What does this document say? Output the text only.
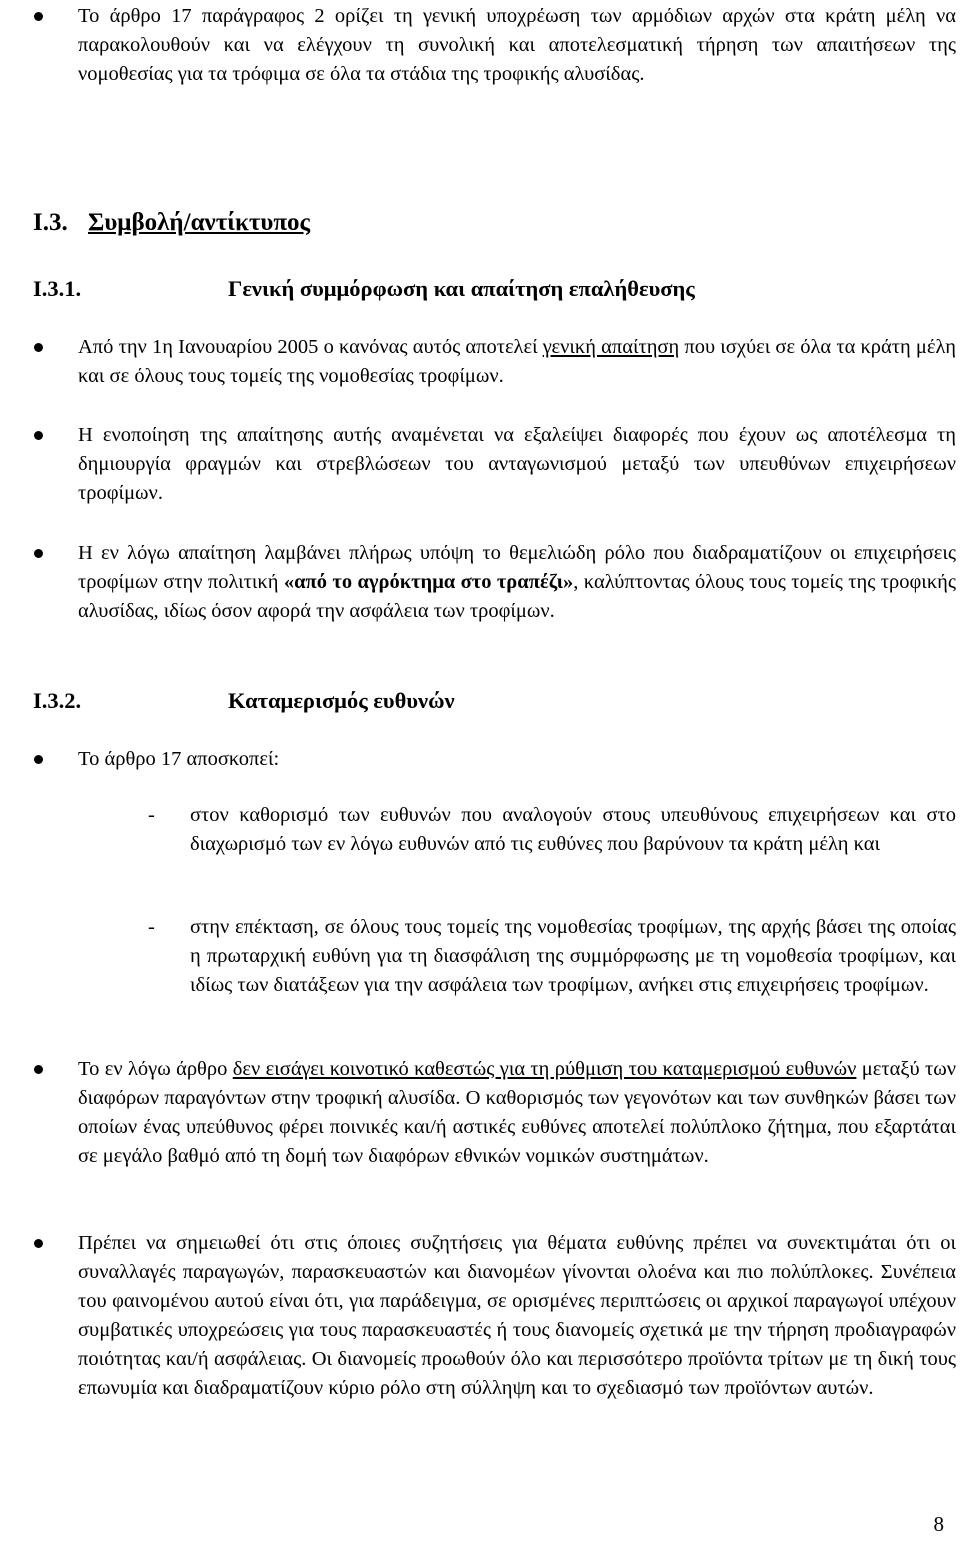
Το άρθρο 17 παράγραφος 2 ορίζει τη γενική υποχρέωση των αρμόδιων αρχών στα κράτη μέλη να παρακολουθούν και να ελέγχουν τη συνολική και αποτελεσματική τήρηση των απαιτήσεων της νομοθεσίας για τα τρόφιμα σε όλα τα στάδια της τροφικής αλυσίδας.

I.3. Συμβολή/αντίκτυπος
I.3.1.	Γενική συμμόρφωση και απαίτηση επαλήθευσης

Από την 1η Ιανουαρίου 2005 ο κανόνας αυτός αποτελεί γενική απαίτηση που ισχύει σε όλα τα κράτη μέλη και σε όλους τους τομείς της νομοθεσίας τροφίμων.

Η ενοποίηση της απαίτησης αυτής αναμένεται να εξαλείψει διαφορές που έχουν ως αποτέλεσμα τη δημιουργία φραγμών και στρεβλώσεων του ανταγωνισμού μεταξύ των υπευθύνων επιχειρήσεων τροφίμων.

Η εν λόγω απαίτηση λαμβάνει πλήρως υπόψη το θεμελιώδη ρόλο που διαδραματίζουν οι επιχειρήσεις τροφίμων στην πολιτική «από το αγρόκτημα στο τραπέζι», καλύπτοντας όλους τους τομείς της τροφικής αλυσίδας, ιδίως όσον αφορά την ασφάλεια των τροφίμων.

I.3.2.	Καταμερισμός ευθυνών

Το άρθρο 17 αποσκοπεί:

- στον καθορισμό των ευθυνών που αναλογούν στους υπευθύνους επιχειρήσεων και στο διαχωρισμό των εν λόγω ευθυνών από τις ευθύνες που βαρύνουν τα κράτη μέλη και

- στην επέκταση, σε όλους τους τομείς της νομοθεσίας τροφίμων, της αρχής βάσει της οποίας η πρωταρχική ευθύνη για τη διασφάλιση της συμμόρφωσης με τη νομοθεσία τροφίμων, και ιδίως των διατάξεων για την ασφάλεια των τροφίμων, ανήκει στις επιχειρήσεις τροφίμων.

Το εν λόγω άρθρο δεν εισάγει κοινοτικό καθεστώς για τη ρύθμιση του καταμερισμού ευθυνών μεταξύ των διαφόρων παραγόντων στην τροφική αλυσίδα. Ο καθορισμός των γεγονότων και των συνθηκών βάσει των οποίων ένας υπεύθυνος φέρει ποινικές και/ή αστικές ευθύνες αποτελεί πολύπλοκο ζήτημα, που εξαρτάται σε μεγάλο βαθμό από τη δομή των διαφόρων εθνικών νομικών συστημάτων.

Πρέπει να σημειωθεί ότι στις όποιες συζητήσεις για θέματα ευθύνης πρέπει να συνεκτιμάται ότι οι συναλλαγές παραγωγών, παρασκευαστών και διανομέων γίνονται ολοένα και πιο πολύπλοκες. Συνέπεια του φαινομένου αυτού είναι ότι, για παράδειγμα, σε ορισμένες περιπτώσεις οι αρχικοί παραγωγοί υπέχουν συμβατικές υποχρεώσεις για τους παρασκευαστές ή τους διανομείς σχετικά με την τήρηση προδιαγραφών ποιότητας και/ή ασφάλειας. Οι διανομείς προωθούν όλο και περισσότερο προϊόντα τρίτων με τη δική τους επωνυμία και διαδραματίζουν κύριο ρόλο στη σύλληψη και το σχεδιασμό των προϊόντων αυτών.

8
